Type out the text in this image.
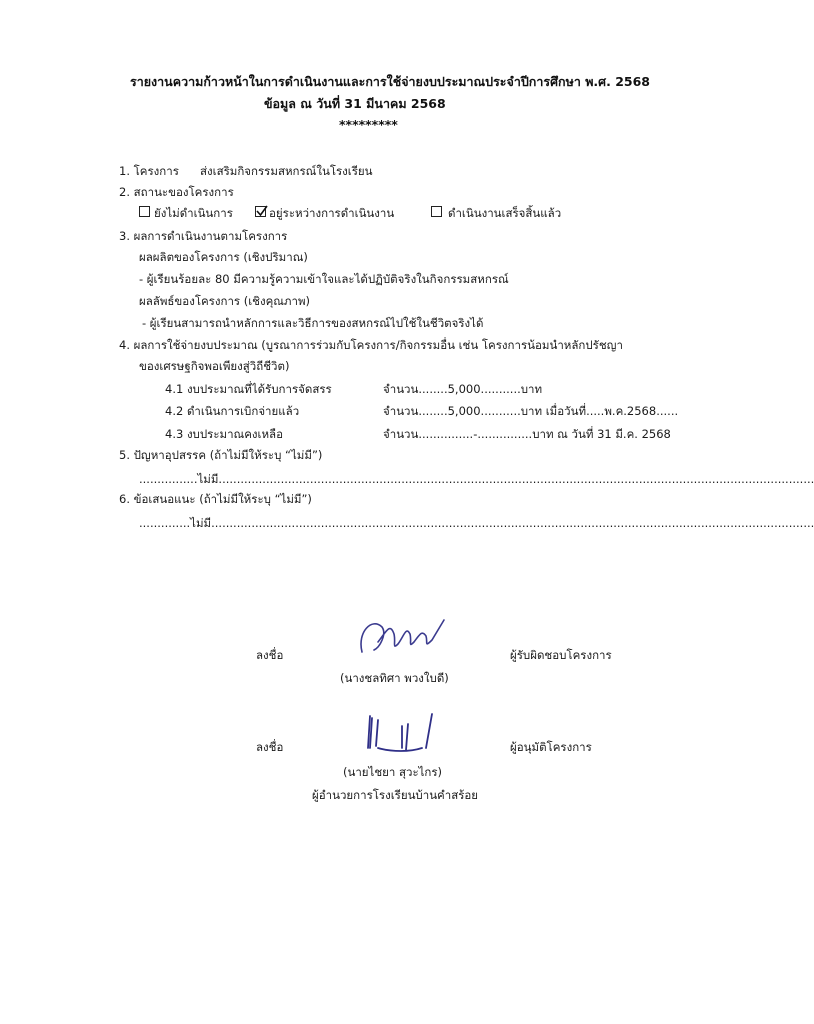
รายงานความก้าวหน้าในการดำเนินงานและการใช้จ่ายงบประมาณประจำปีการศึกษา พ.ศ. 2568
ข้อมูล ณ วันที่ 31 มีนาคม 2568
*********
1. โครงการ ส่งเสริมกิจกรรมสหกรณ์ในโรงเรียน
2. สถานะของโครงการ
ยังไม่ดำเนินการ	อยู่ระหว่างการดำเนินงาน	ดำเนินงานเสร็จสิ้นแล้ว
3. ผลการดำเนินงานตามโครงการ
ผลผลิตของโครงการ (เชิงปริมาณ)
- ผู้เรียนร้อยละ 80 มีความรู้ความเข้าใจและได้ปฏิบัติจริงในกิจกรรมสหกรณ์
ผลลัพธ์ของโครงการ (เชิงคุณภาพ)
- ผู้เรียนสามารถนำหลักการและวิธีการของสหกรณ์ไปใช้ในชีวิตจริงได้
4. ผลการใช้จ่ายงบประมาณ (บูรณาการร่วมกับโครงการ/กิจกรรมอื่น เช่น โครงการน้อมนำหลักปรัชญา
ของเศรษฐกิจพอเพียงสู่วิถีชีวิต)
4.1 งบประมาณที่ได้รับการจัดสรร	จำนวน........5,000...........บาท
4.2 ดำเนินการเบิกจ่ายแล้ว	จำนวน........5,000...........บาท เมื่อวันที่.....พ.ค.2568......
4.3 งบประมาณคงเหลือ	จำนวน...............-...............บาท ณ วันที่ 31 มี.ค. 2568
5. ปัญหาอุปสรรค (ถ้าไม่มีให้ระบุ “ไม่มี”)
................ไม่มี...................................................................................................................................................................
6. ข้อเสนอแนะ (ถ้าไม่มีให้ระบุ “ไม่มี”)
..............ไม่มี.....................................................................................................................................................................
ลงชื่อ	ผู้รับผิดชอบโครงการ
(นางชลทิศา พวงใบดี)
ลงชื่อ	ผู้อนุมัติโครงการ
(นายไชยา สุวะไกร)
ผู้อำนวยการโรงเรียนบ้านคำสร้อย
